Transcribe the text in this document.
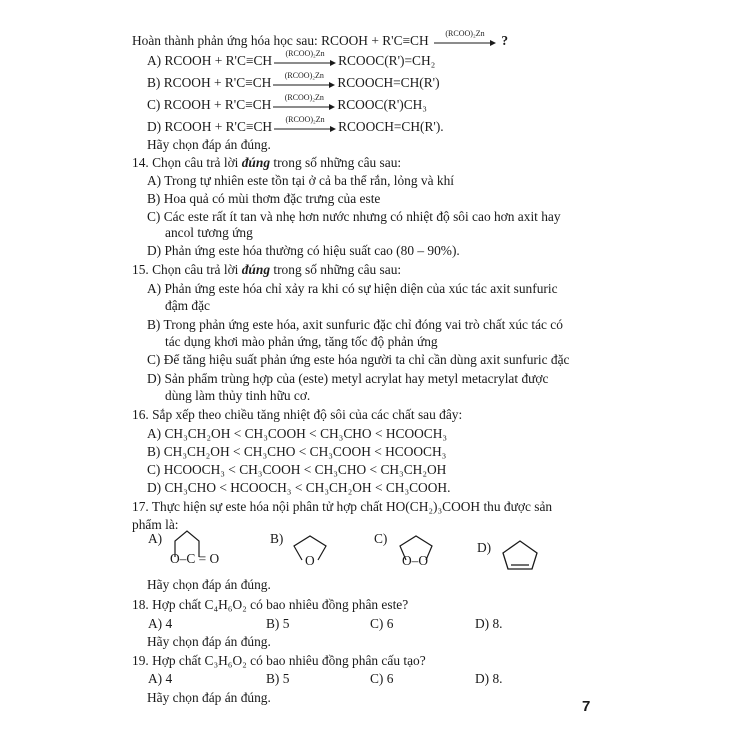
Hoàn thành phản ứng hóa học sau: RCOOH + R'C≡CH	(RCOO)₂Zn	?
A) RCOOH + R'C≡CH	(RCOO)₂Zn RCOOC(R')=CH₂
B) RCOOH + R'C≡CH	(RCOO)₂Zn RCOOCH=CH(R')
C) RCOOH + R'C≡CH	(RCOO)₂Zn RCOOC(R')CH₃
D) RCOOH + R'C≡CH	(RCOO)₂Zn RCOOCH=CH(R').
Hãy chọn đáp án đúng.
14. Chọn câu trả lời đúng trong số những câu sau:
A) Trong tự nhiên este tồn tại ở cả ba thể rắn, lỏng và khí
B) Hoa quả có mùi thơm đặc trưng của este
C) Các este rất ít tan và nhẹ hơn nước nhưng có nhiệt độ sôi cao hơn axit hay
ancol tương ứng
D) Phản ứng este hóa thường có hiệu suất cao (80 – 90%).
15. Chọn câu trả lời đúng trong số những câu sau:
A) Phản ứng este hóa chỉ xảy ra khi có sự hiện diện của xúc tác axit sunfuric
đậm đặc
B) Trong phản ứng este hóa, axit sunfuric đặc chỉ đóng vai trò chất xúc tác có
tác dụng khơi mào phản ứng, tăng tốc độ phản ứng
C) Để tăng hiệu suất phản ứng este hóa người ta chỉ cần dùng axit sunfuric đặc
D) Sản phẩm trùng hợp của (este) metyl acrylat hay metyl metacrylat được
dùng làm thủy tinh hữu cơ.
16. Sắp xếp theo chiều tăng nhiệt độ sôi của các chất sau đây:
A) CH₃CH₂OH < CH₃COOH < CH₃CHO < HCOOCH₃
B) CH₃CH₂OH < CH₃CHO < CH₃COOH < HCOOCH₃
C) HCOOCH₃ < CH₃COOH < CH₃CHO < CH₃CH₂OH
D) CH₃CHO < HCOOCH₃ < CH₃CH₂OH < CH₃COOH.
17. Thực hiện sự este hóa nội phân tử hợp chất HO(CH₂)₃COOH thu được sản
phẩm là:
A)
O–C = O
B)
O
C)
O–O
D)
Hãy chọn đáp án đúng.
18. Hợp chất C₄H₆O₂ có bao nhiêu đồng phân este?
A) 4	B) 5	C) 6	D) 8.
Hãy chọn đáp án đúng.
19. Hợp chất C₃H₆O₂ có bao nhiêu đồng phân cấu tạo?
A) 4	B) 5	C) 6	D) 8.
Hãy chọn đáp án đúng.
7
